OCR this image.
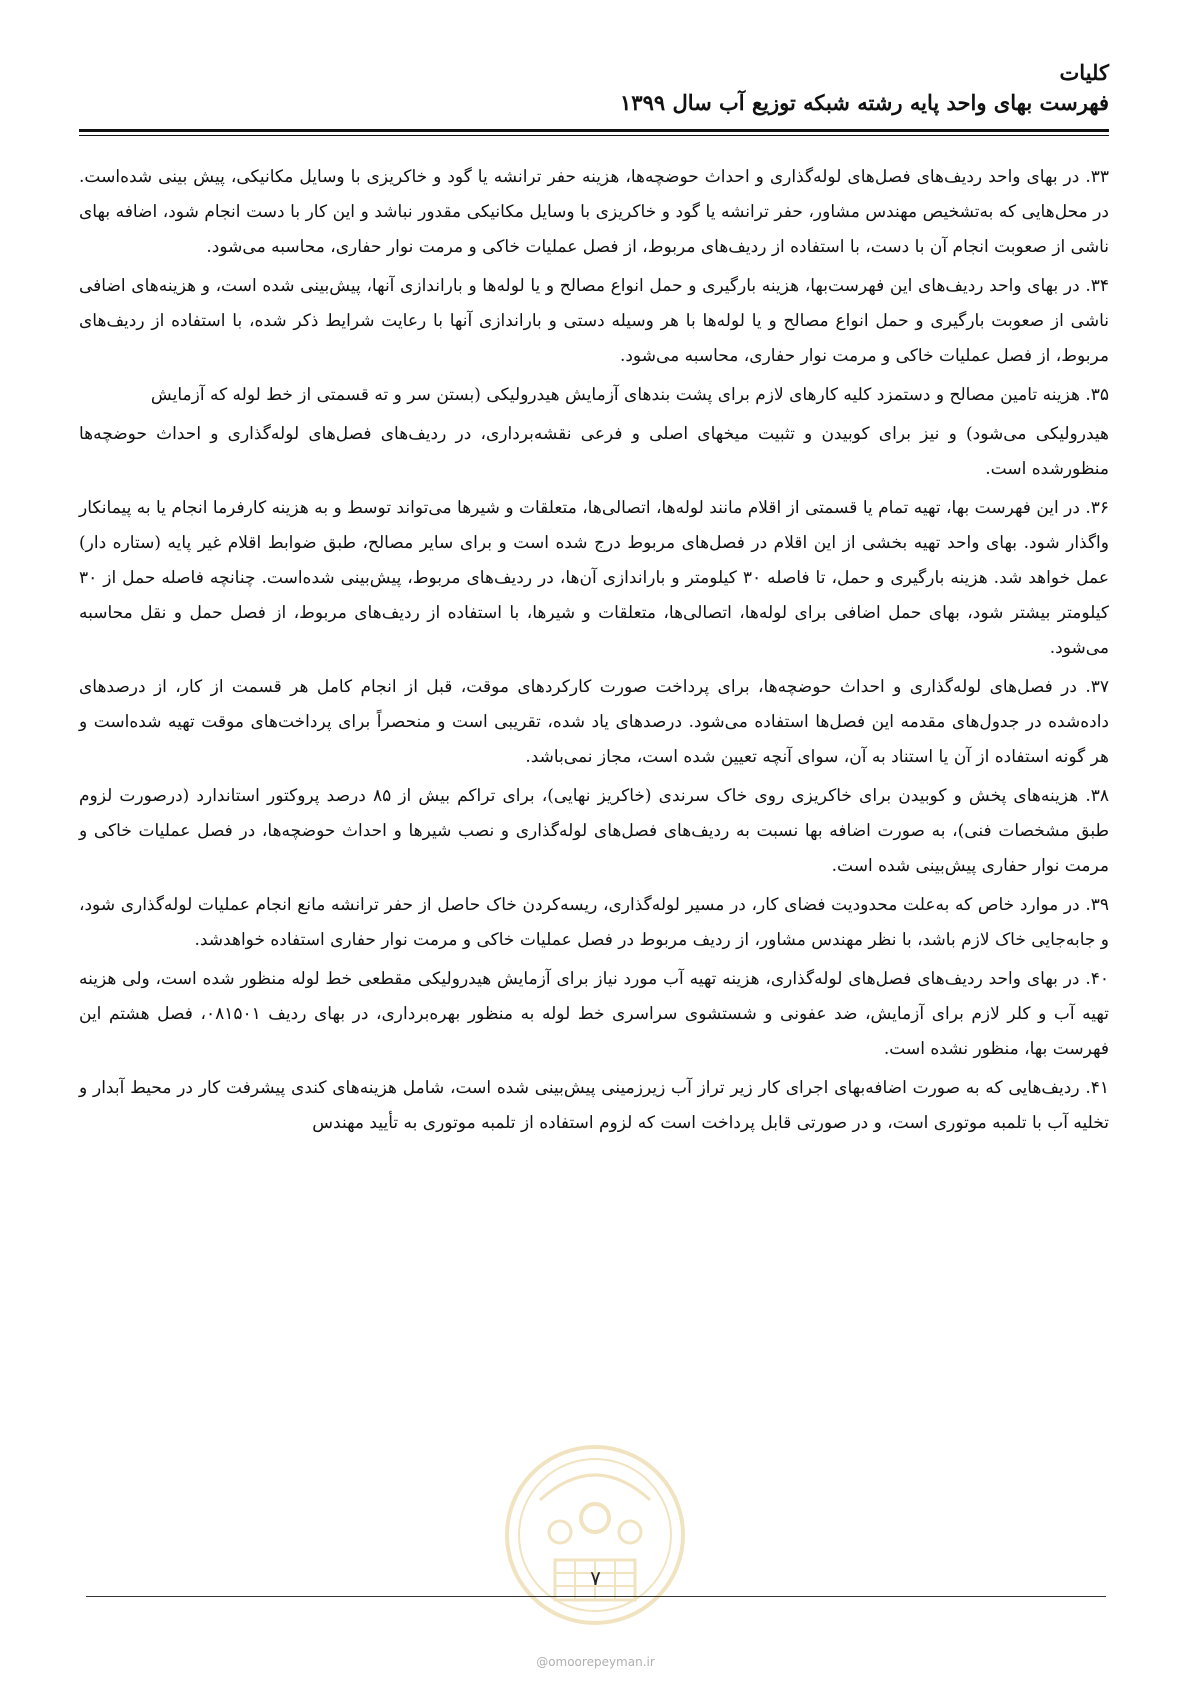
کلیات
فهرست بهای واحد پایه رشته شبکه توزیع آب سال ۱۳۹۹

۳۳. در بهای واحد ردیف‌های فصل‌های لوله‌گذاری و احداث حوضچه‌ها، هزینه حفر ترانشه یا گود و خاکریزی با وسایل مکانیکی، پیش بینی شده‌است. در محل‌هایی که به‌تشخیص مهندس مشاور، حفر ترانشه یا گود و خاکریزی با وسایل مکانیکی مقدور نباشد و این کار با دست انجام شود، اضافه بهای ناشی از صعوبت انجام آن با دست، با استفاده از ردیف‌های مربوط، از فصل عملیات خاکی و مرمت نوار حفاری، محاسبه می‌شود.

۳۴. در بهای واحد ردیف‌های این فهرست‌بها، هزینه بارگیری و حمل انواع مصالح و یا لوله‌ها و باراندازی آنها، پیش‌بینی شده است، و هزینه‌های اضافی ناشی از صعوبت بارگیری و حمل انواع مصالح و یا لوله‌ها با هر وسیله دستی و باراندازی آنها با رعایت شرایط ذکر شده، با استفاده از ردیف‌های مربوط، از فصل عملیات خاکی و مرمت نوار حفاری، محاسبه می‌شود.

۳۵. هزینه تامین مصالح و دستمزد کلیه کارهای لازم برای پشت بندهای آزمایش هیدرولیکی (بستن سر و ته قسمتی از خط لوله که آزمایش

هیدرولیکی می‌شود) و نیز برای کوبیدن و تثبیت میخهای اصلی و فرعی نقشه‌برداری، در ردیف‌های فصل‌های لوله‌گذاری و احداث حوضچه‌ها منظورشده است.

۳۶. در این فهرست بها، تهیه تمام یا قسمتی از اقلام مانند لوله‌ها، اتصالی‌ها، متعلقات و شیرها می‌تواند توسط و به هزینه کارفرما انجام یا به پیمانکار واگذار شود. بهای واحد تهیه بخشی از این اقلام در فصل‌های مربوط درج شده است و برای سایر مصالح، طبق ضوابط اقلام غیر پایه (ستاره دار) عمل خواهد شد. هزینه بارگیری و حمل، تا فاصله ۳۰ کیلومتر و باراندازی آن‌ها، در ردیف‌های مربوط، پیش‌بینی شده‌است. چنانچه فاصله حمل از ۳۰ کیلومتر بیشتر شود، بهای حمل اضافی برای لوله‌ها، اتصالی‌ها، متعلقات و شیرها، با استفاده از ردیف‌های مربوط، از فصل حمل و نقل محاسبه می‌شود.

۳۷. در فصل‌های لوله‌گذاری و احداث حوضچه‌ها، برای پرداخت صورت کارکردهای موقت، قبل از انجام کامل هر قسمت از کار، از درصدهای داده‌شده در جدول‌های مقدمه این فصل‌ها استفاده می‌شود. درصدهای یاد شده، تقریبی است و منحصراً برای پرداخت‌های موقت تهیه شده‌است و هر گونه استفاده از آن یا استناد به آن، سوای آنچه تعیین شده است، مجاز نمی‌باشد.

۳۸. هزینه‌های پخش و کوبیدن برای خاکریزی روی خاک سرندی (خاکریز نهایی)، برای تراکم بیش از ۸۵ درصد پروکتور استاندارد (درصورت لزوم طبق مشخصات فنی)، به صورت اضافه بها نسبت به ردیف‌های فصل‌های لوله‌گذاری و نصب شیرها و احداث حوضچه‌ها، در فصل عملیات خاکی و مرمت نوار حفاری پیش‌بینی شده است.

۳۹. در موارد خاص که به‌علت محدودیت فضای کار، در مسیر لوله‌گذاری، ریسه‌کردن خاک حاصل از حفر ترانشه مانع انجام عملیات لوله‌گذاری شود، و جابه‌جایی خاک لازم باشد، با نظر مهندس مشاور، از ردیف مربوط در فصل عملیات خاکی و مرمت نوار حفاری استفاده خواهدشد.

۴۰. در بهای واحد ردیف‌های فصل‌های لوله‌گذاری، هزینه تهیه آب مورد نیاز برای آزمایش هیدرولیکی مقطعی خط لوله منظور شده است، ولی هزینه تهیه آب و کلر لازم برای آزمایش، ضد عفونی و شستشوی سراسری خط لوله به منظور بهره‌برداری، در بهای ردیف ۰۸۱۵۰۱، فصل هشتم این فهرست بها، منظور نشده است.

۴۱. ردیف‌هایی که به صورت اضافه‌بهای اجرای کار زیر تراز آب زیرزمینی پیش‌بینی شده است، شامل هزینه‌های کندی پیشرفت کار در محیط آبدار و تخلیه آب با تلمبه موتوری است، و در صورتی قابل پرداخت است که لزوم استفاده از تلمبه موتوری به تأیید مهندس

۷
@omoorepeyman.ir
